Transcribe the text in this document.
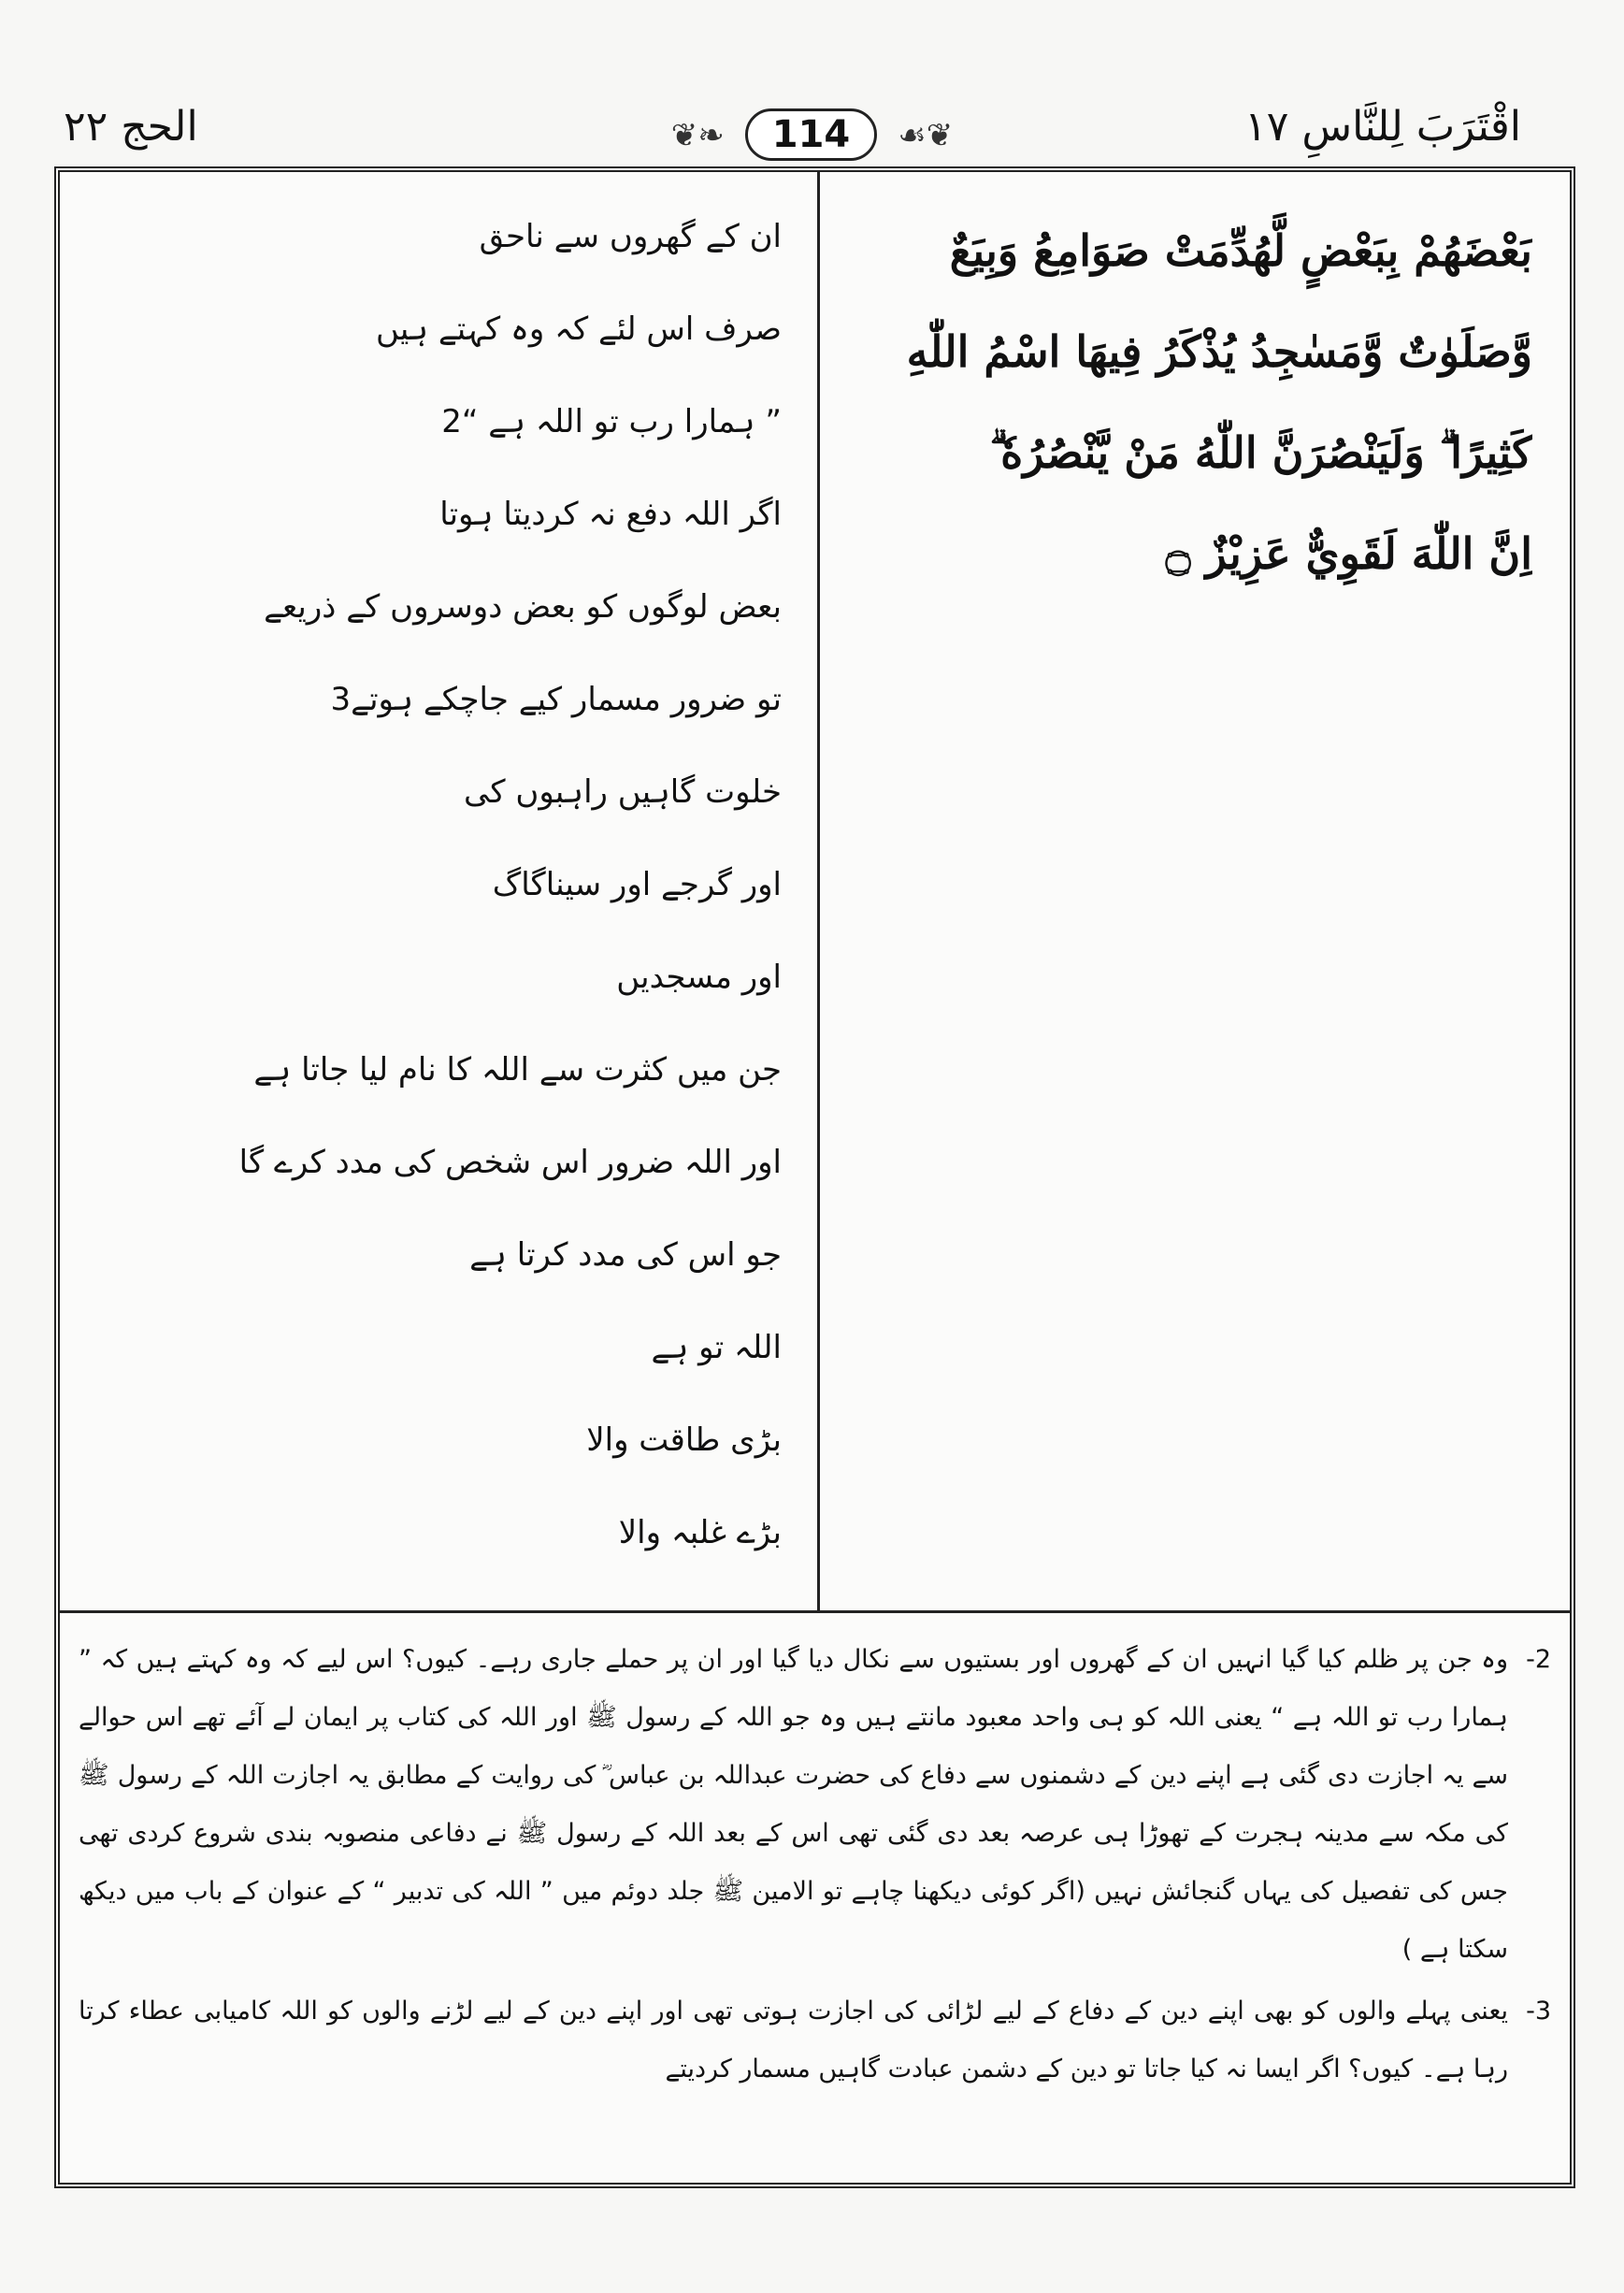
الحج ٢٢	❦❧ 114 ☙❦	اقْتَرَبَ لِلنَّاسِ ١٧
بَعْضَهُمْ بِبَعْضٍ لَّهُدِّمَتْ صَوَامِعُ وَبِيَعٌ
وَّصَلَوٰتٌ وَّمَسٰجِدُ يُذْكَرُ فِيهَا اسْمُ اللّٰهِ
كَثِيرًا ۗ وَلَيَنْصُرَنَّ اللّٰهُ مَنْ يَّنْصُرُهٗ ۗ
اِنَّ اللّٰهَ لَقَوِيٌّ عَزِيْزٌ ۝
ان کے گھروں سے ناحق
صرف اس لئے کہ وہ کہتے ہیں
” ہمارا رب تو اللہ ہے “2
اگر اللہ دفع نہ کردیتا ہوتا
بعض لوگوں کو بعض دوسروں کے ذریعے
تو ضرور مسمار کیے جاچکے ہوتے3
خلوت گاہیں راہبوں کی
اور گرجے اور سیناگاگ
اور مسجدیں
جن میں کثرت سے اللہ کا نام لیا جاتا ہے
اور اللہ ضرور اس شخص کی مدد کرے گا
جو اس کی مدد کرتا ہے
اللہ تو ہے
بڑی طاقت والا
بڑے غلبہ والا
-2
وہ جن پر ظلم کیا گیا انہیں ان کے گھروں اور بستیوں سے نکال دیا گیا اور ان پر حملے جاری رہے۔ کیوں؟ اس لیے کہ وہ کہتے ہیں کہ ” ہمارا رب تو اللہ ہے “ یعنی اللہ کو ہی واحد معبود مانتے ہیں وہ جو اللہ کے رسول ﷺ اور اللہ کی کتاب پر ایمان لے آئے تھے اس حوالے سے یہ اجازت دی گئی ہے اپنے دین کے دشمنوں سے دفاع کی حضرت عبداللہ بن عباس ؓ کی روایت کے مطابق یہ اجازت اللہ کے رسول ﷺ کی مکہ سے مدینہ ہجرت کے تھوڑا ہی عرصہ بعد دی گئی تھی اس کے بعد اللہ کے رسول ﷺ نے دفاعی منصوبہ بندی شروع کردی تھی جس کی تفصیل کی یہاں گنجائش نہیں (اگر کوئی دیکھنا چاہے تو الامین ﷺ جلد دوئم میں ” اللہ کی تدبیر “ کے عنوان کے باب میں دیکھ سکتا ہے )
-3
یعنی پہلے والوں کو بھی اپنے دین کے دفاع کے لیے لڑائی کی اجازت ہوتی تھی اور اپنے دین کے لیے لڑنے والوں کو اللہ کامیابی عطاء کرتا رہا ہے۔ کیوں؟ اگر ایسا نہ کیا جاتا تو دین کے دشمن عبادت گاہیں مسمار کردیتے
